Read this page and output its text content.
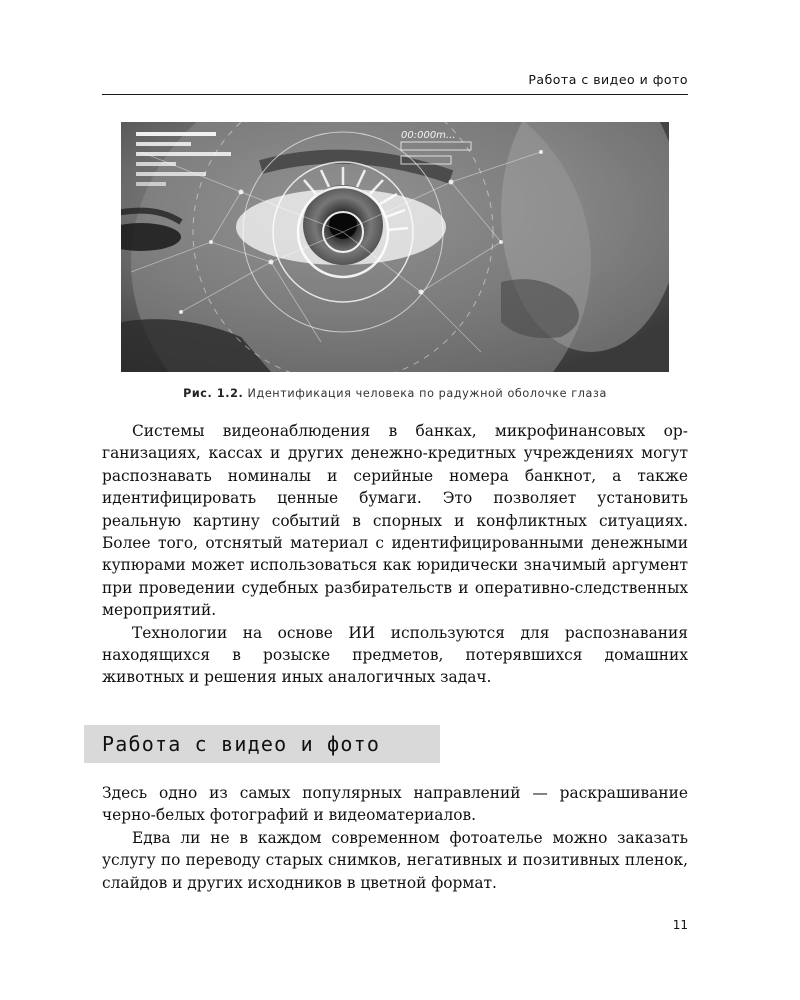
Работа с видео и фото
00:000m...
Рис. 1.2. Идентификация человека по радужной оболочке глаза

Системы видеонаблюдения в банках, микрофинансовых организациях, кассах и других денежно-кредитных учреждениях могут распознавать номиналы и серийные номера банкнот, а также идентифицировать ценные бумаги. Это позволяет установить реальную картину событий в спорных и конфликтных ситуациях. Более того, отснятый материал с идентифицированными денежными купюрами может использоваться как юридически значимый аргумент при проведении судебных разбирательств и оперативно-следственных мероприятий.

Технологии на основе ИИ используются для распознавания находящихся в розыске предметов, потерявшихся домашних животных и решения иных аналогичных задач.

Работа с видео и фото

Здесь одно из самых популярных направлений — раскрашивание черно-белых фотографий и видеоматериалов.

Едва ли не в каждом современном фотоателье можно заказать услугу по переводу старых снимков, негативных и позитивных пленок, слайдов и других исходников в цветной формат.

11
